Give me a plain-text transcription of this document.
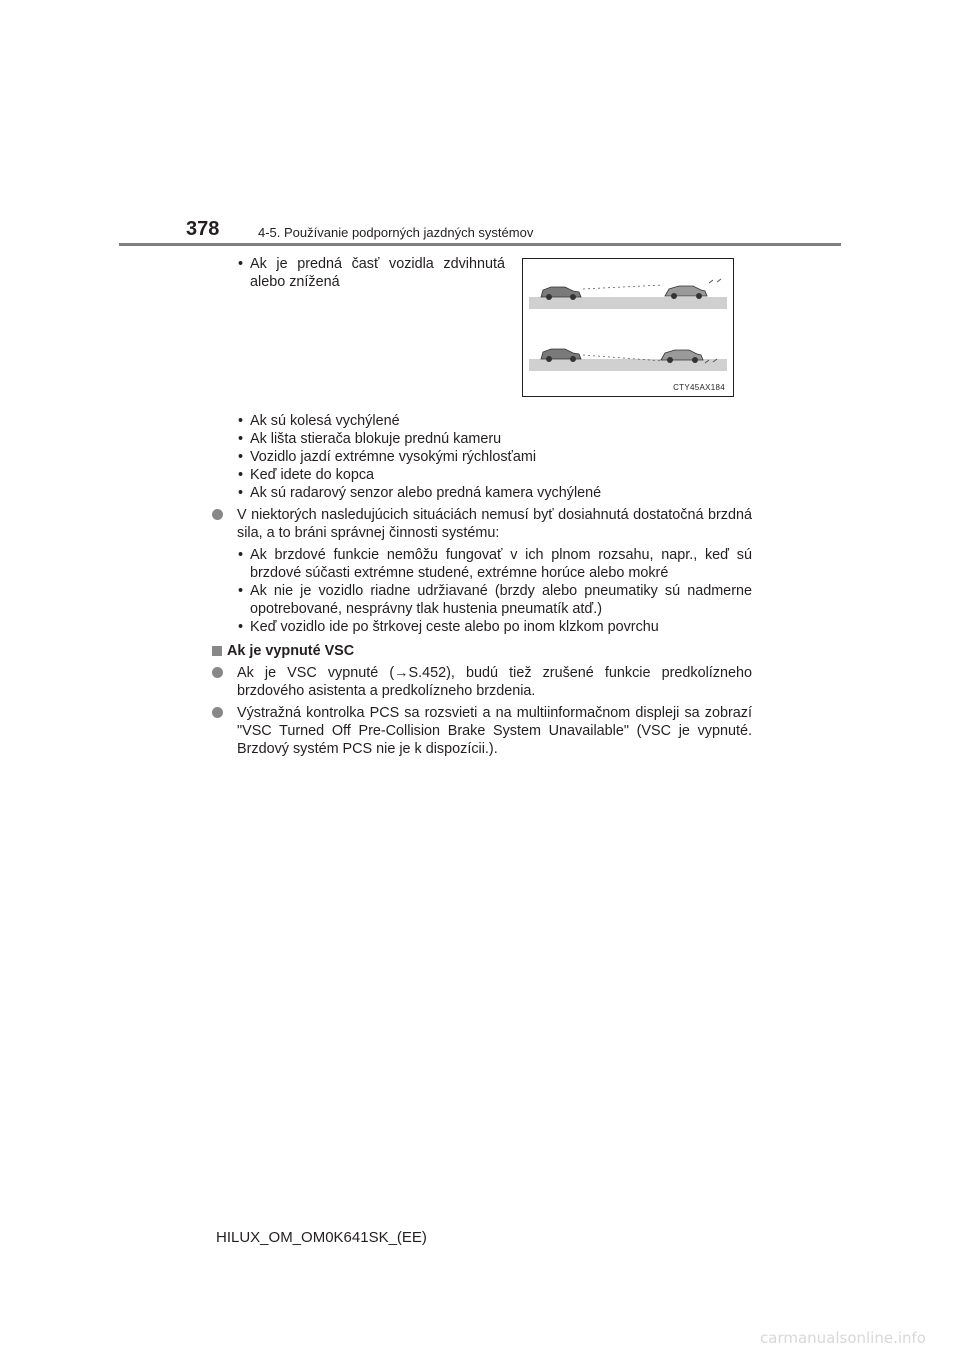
378	4-5. Používanie podporných jazdných systémov
CTY45AX184
• Ak je predná časť vozidla zdvihnutá alebo znížená
• Ak sú kolesá vychýlené
• Ak lišta stierača blokuje prednú kameru
• Vozidlo jazdí extrémne vysokými rýchlosťami
• Keď idete do kopca
• Ak sú radarový senzor alebo predná kamera vychýlené
V niektorých nasledujúcich situáciách nemusí byť dosiahnutá dostatočná brzdná sila, a to bráni správnej činnosti systému:
• Ak brzdové funkcie nemôžu fungovať v ich plnom rozsahu, napr., keď sú brzdové súčasti extrémne studené, extrémne horúce alebo mokré
• Ak nie je vozidlo riadne udržiavané (brzdy alebo pneumatiky sú nadmerne opotrebované, nesprávny tlak hustenia pneumatík atď.)
• Keď vozidlo ide po štrkovej ceste alebo po inom klzkom povrchu
Ak je vypnuté VSC
Ak je VSC vypnuté (→S.452), budú tiež zrušené funkcie predkolízneho brzdového asistenta a predkolízneho brzdenia.
Výstražná kontrolka PCS sa rozsvieti a na multiinformačnom displeji sa zobrazí "VSC Turned Off Pre-Collision Brake System Unavailable" (VSC je vypnuté. Brzdový systém PCS nie je k dispozícii.).
HILUX_OM_OM0K641SK_(EE)
carmanualsonline.info
